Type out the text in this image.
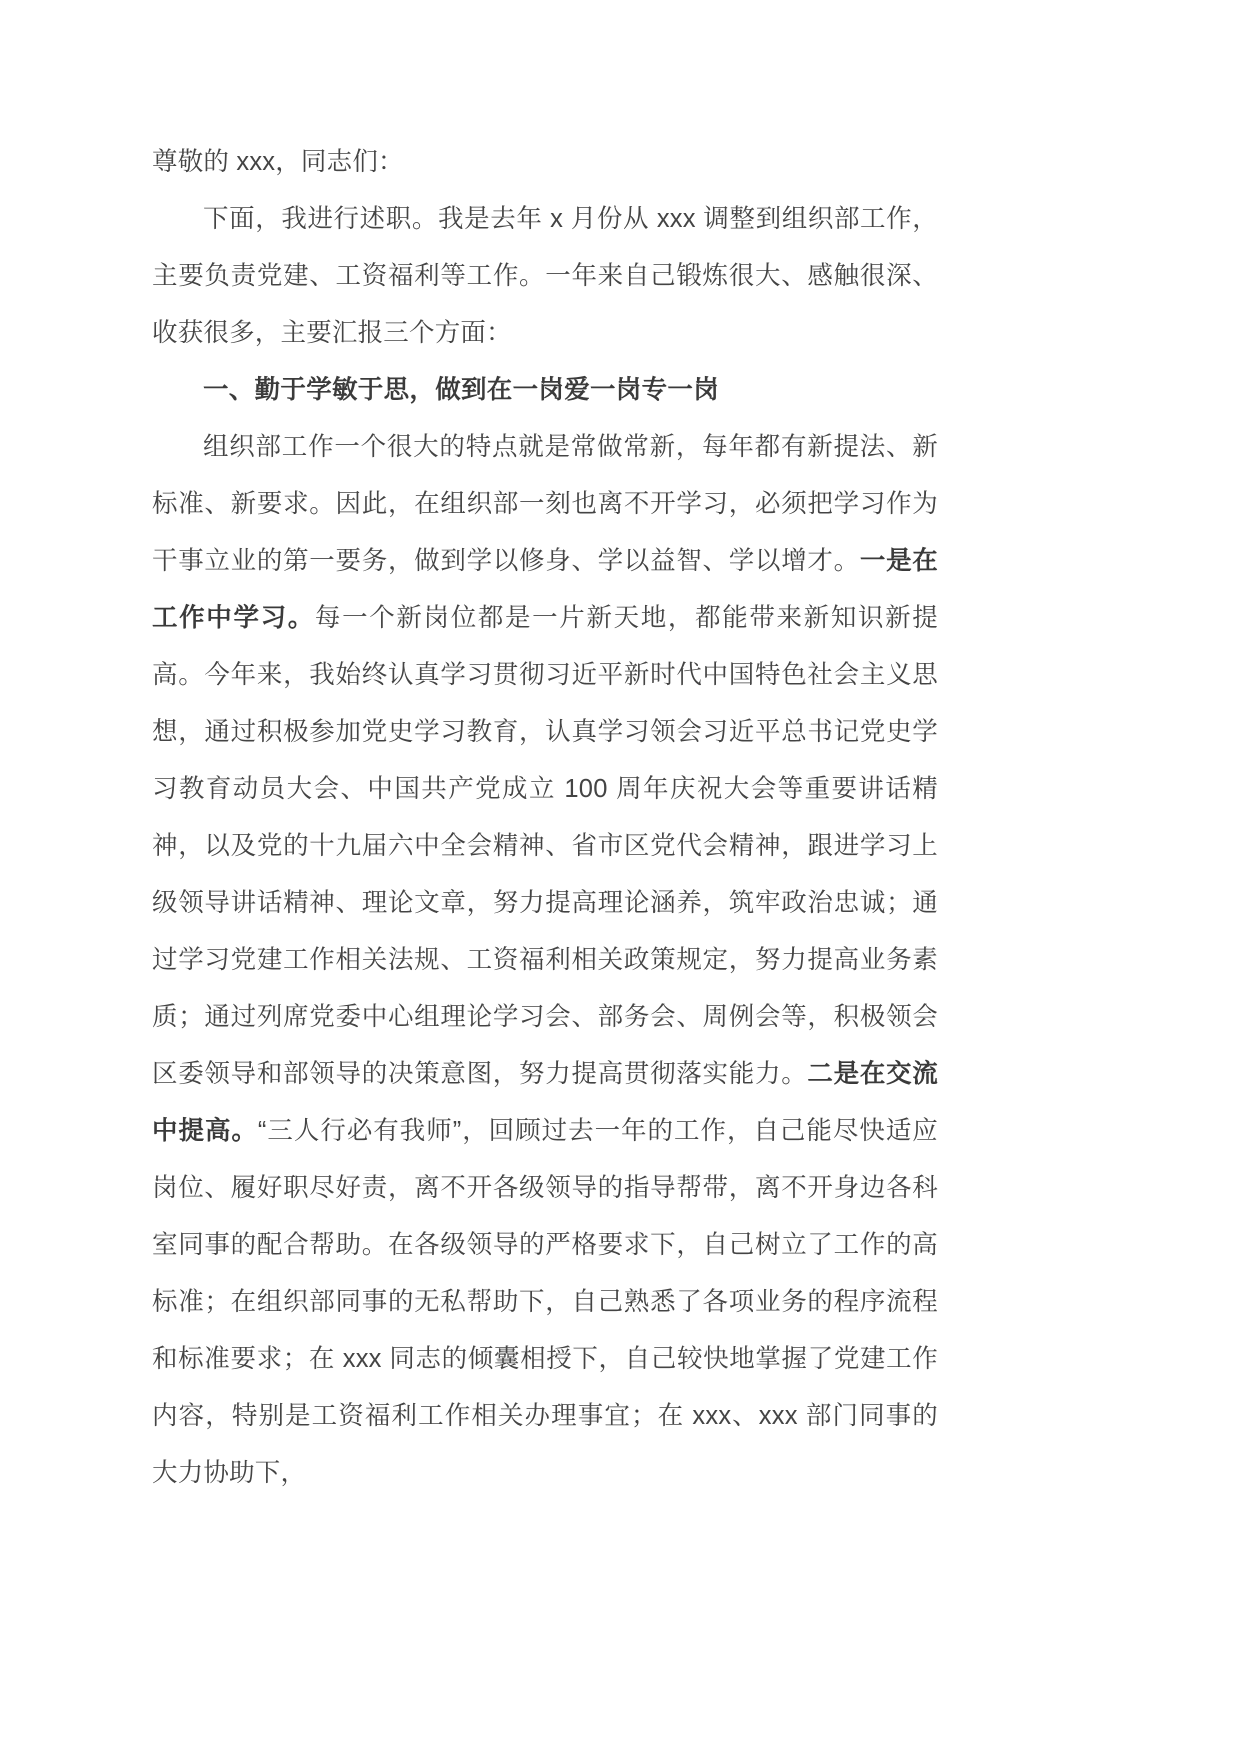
尊敬的 xxx，同志们：

下面，我进行述职。我是去年 x 月份从 xxx 调整到组织部工作，主要负责党建、工资福利等工作。一年来自己锻炼很大、感触很深、收获很多，主要汇报三个方面：

一、勤于学敏于思，做到在一岗爱一岗专一岗

组织部工作一个很大的特点就是常做常新，每年都有新提法、新标准、新要求。因此，在组织部一刻也离不开学习，必须把学习作为干事立业的第一要务，做到学以修身、学以益智、学以增才。一是在工作中学习。每一个新岗位都是一片新天地，都能带来新知识新提高。今年来，我始终认真学习贯彻习近平新时代中国特色社会主义思想，通过积极参加党史学习教育，认真学习领会习近平总书记党史学习教育动员大会、中国共产党成立 100 周年庆祝大会等重要讲话精神，以及党的十九届六中全会精神、省市区党代会精神，跟进学习上级领导讲话精神、理论文章，努力提高理论涵养，筑牢政治忠诚；通过学习党建工作相关法规、工资福利相关政策规定，努力提高业务素质；通过列席党委中心组理论学习会、部务会、周例会等，积极领会区委领导和部领导的决策意图，努力提高贯彻落实能力。二是在交流中提高。“三人行必有我师”，回顾过去一年的工作，自己能尽快适应岗位、履好职尽好责，离不开各级领导的指导帮带，离不开身边各科室同事的配合帮助。在各级领导的严格要求下，自己树立了工作的高标准；在组织部同事的无私帮助下，自己熟悉了各项业务的程序流程和标准要求；在 xxx 同志的倾囊相授下，自己较快地掌握了党建工作内容，特别是工资福利工作相关办理事宜；在 xxx、xxx 部门同事的大力协助下，
